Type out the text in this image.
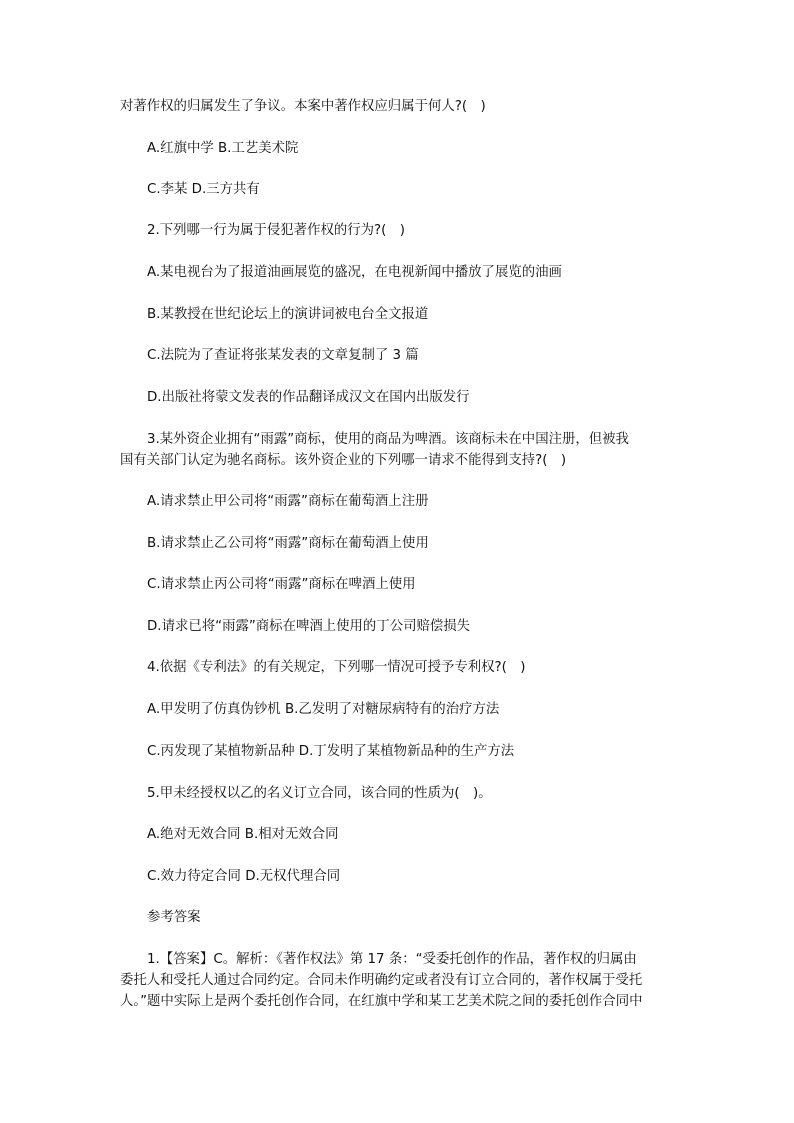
对著作权的归属发生了争议。本案中著作权应归属于何人?(　)
A.红旗中学 B.工艺美术院
C.李某 D.三方共有
2.下列哪一行为属于侵犯著作权的行为?(　)
A.某电视台为了报道油画展览的盛况，在电视新闻中播放了展览的油画
B.某教授在世纪论坛上的演讲词被电台全文报道
C.法院为了查证将张某发表的文章复制了 3 篇
D.出版社将蒙文发表的作品翻译成汉文在国内出版发行
3.某外资企业拥有“雨露”商标，使用的商品为啤酒。该商标未在中国注册，但被我
国有关部门认定为驰名商标。该外资企业的下列哪一请求不能得到支持?(　)
A.请求禁止甲公司将“雨露”商标在葡萄酒上注册
B.请求禁止乙公司将“雨露”商标在葡萄酒上使用
C.请求禁止丙公司将“雨露”商标在啤酒上使用
D.请求已将“雨露”商标在啤酒上使用的丁公司赔偿损失
4.依据《专利法》的有关规定，下列哪一情况可授予专利权?(　)
A.甲发明了仿真伪钞机 B.乙发明了对糖尿病特有的治疗方法
C.丙发现了某植物新品种 D.丁发明了某植物新品种的生产方法
5.甲未经授权以乙的名义订立合同，该合同的性质为(　)。
A.绝对无效合同 B.相对无效合同
C.效力待定合同 D.无权代理合同
参考答案
1.【答案】C。解析：《著作权法》第 17 条：“受委托创作的作品，著作权的归属由
委托人和受托人通过合同约定。合同未作明确约定或者没有订立合同的，著作权属于受托
人。”题中实际上是两个委托创作合同，在红旗中学和某工艺美术院之间的委托创作合同中
